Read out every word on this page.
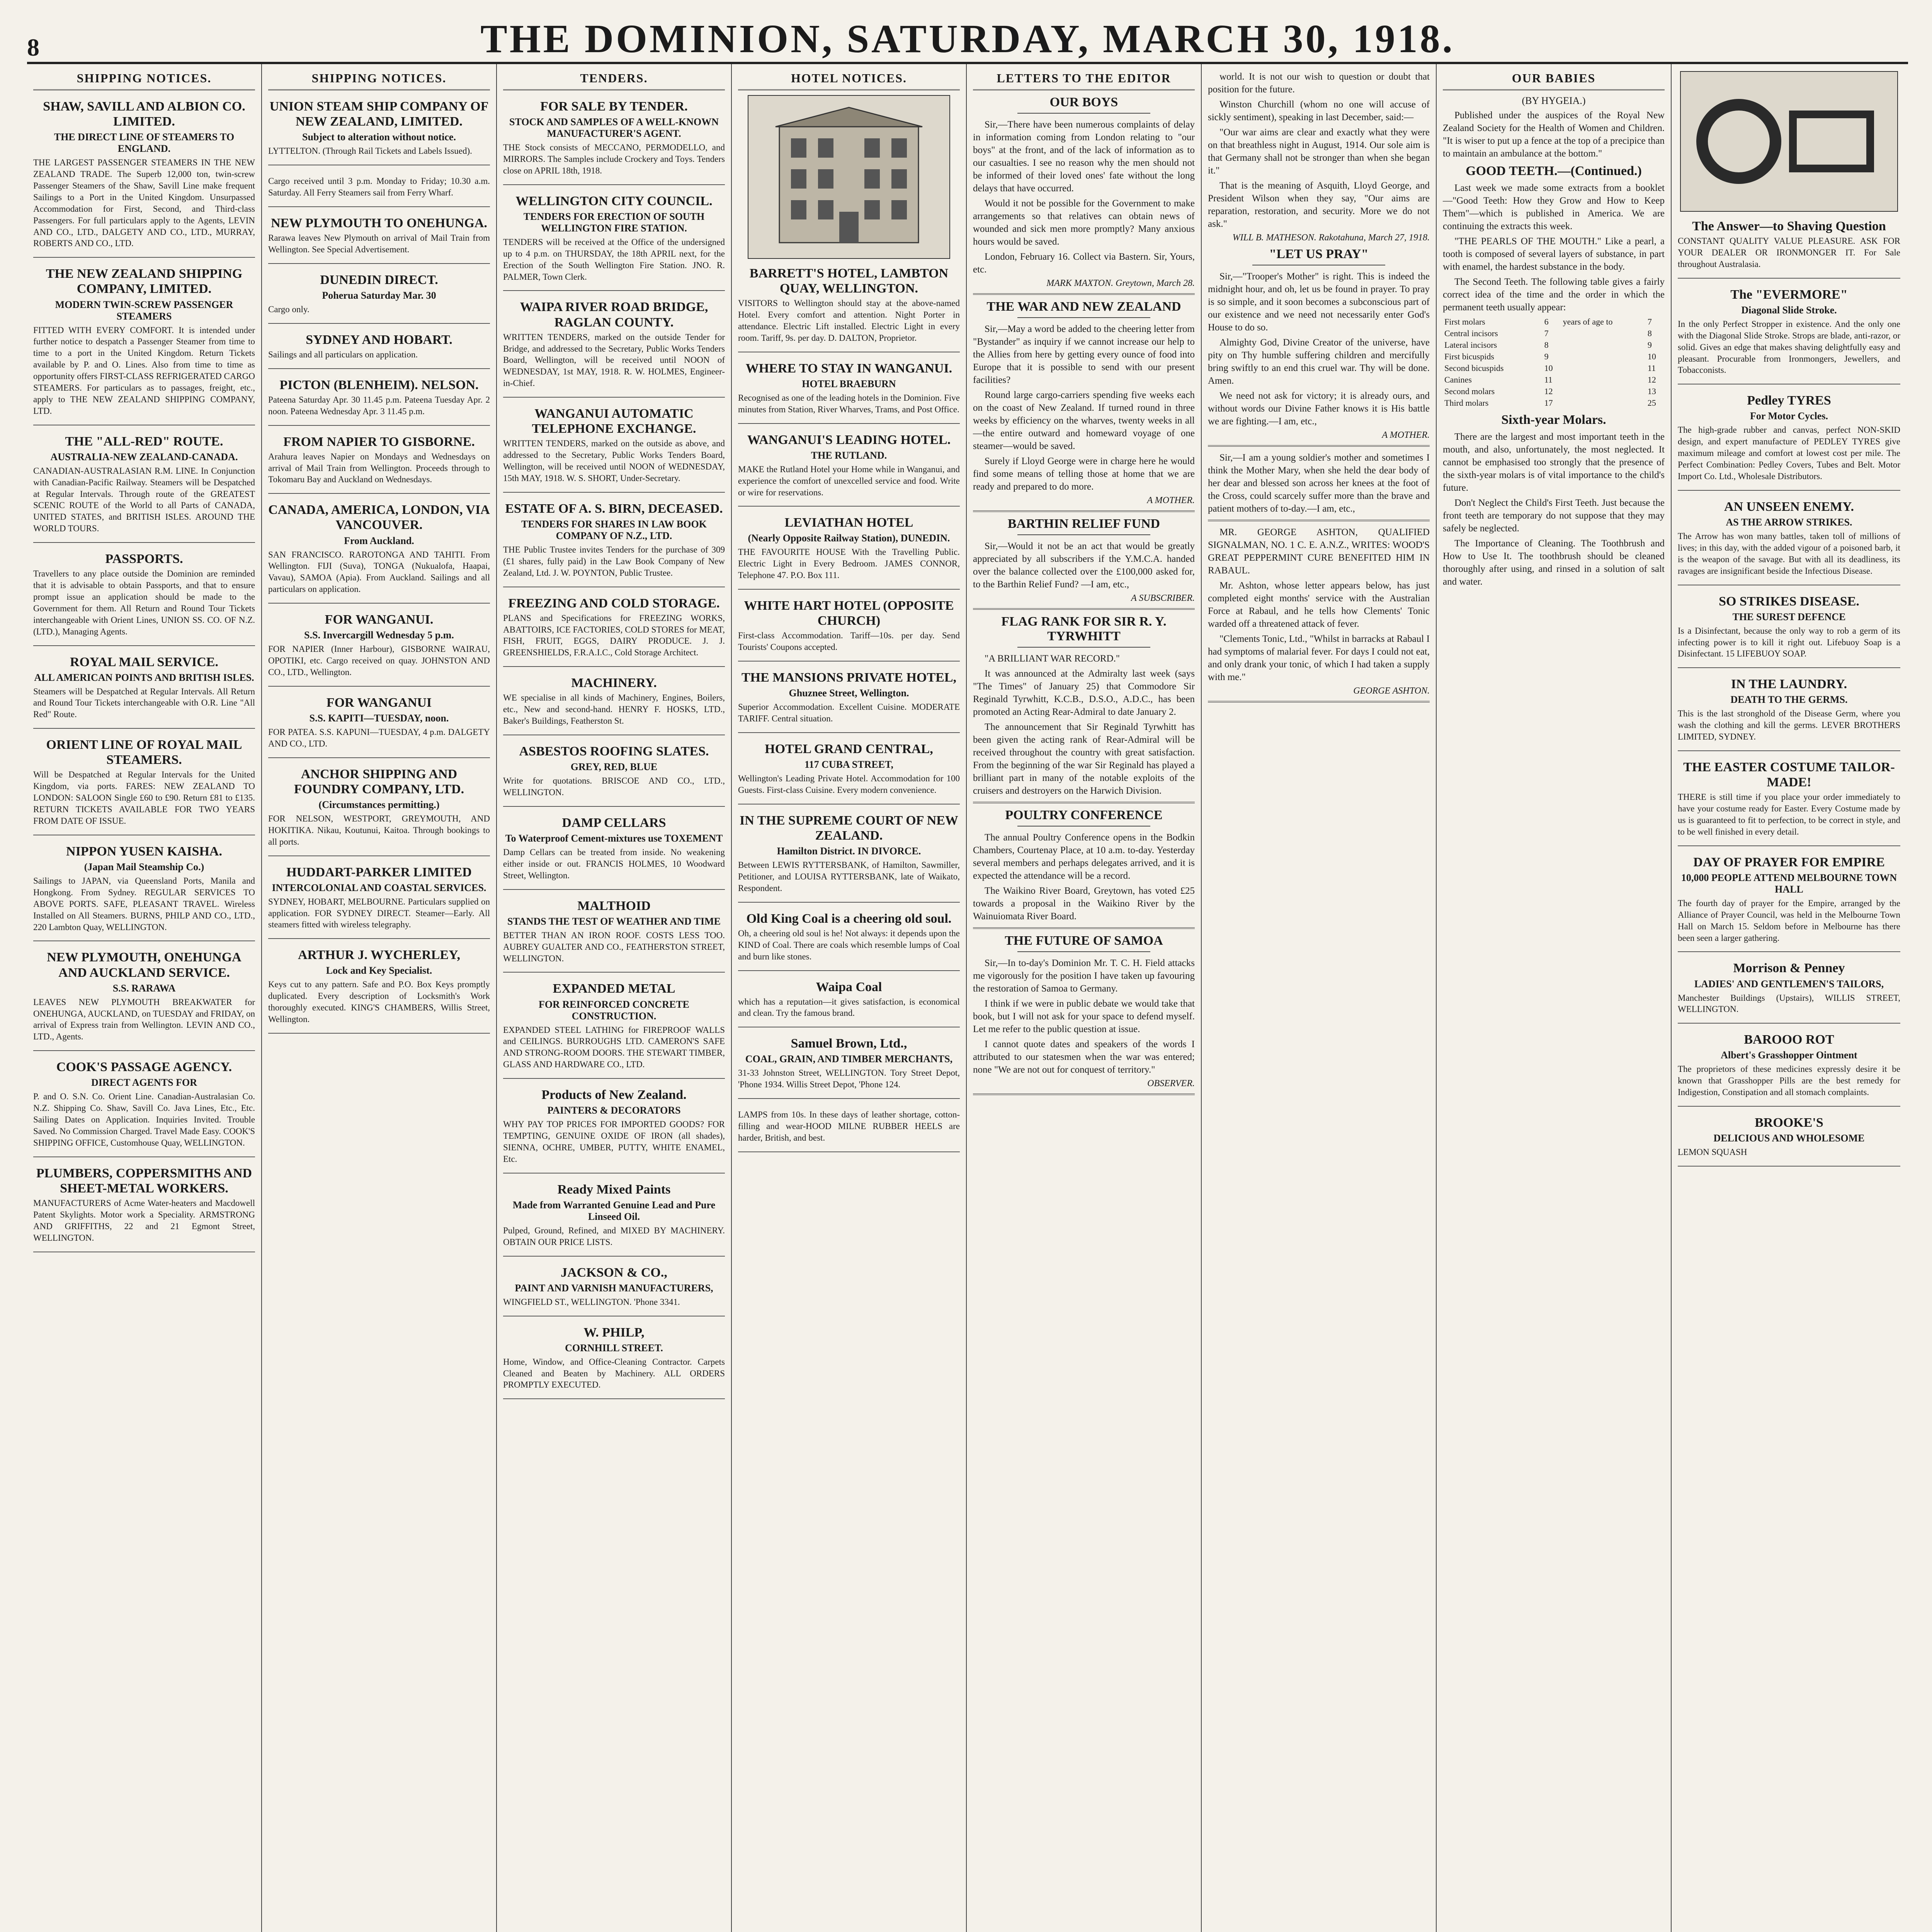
8	THE DOMINION, SATURDAY, MARCH 30, 1918.
SHIPPING NOTICES.
SHAW, SAVILL AND ALBION CO. LIMITED.
THE DIRECT LINE OF STEAMERS TO ENGLAND.
THE LARGEST PASSENGER STEAMERS IN THE NEW ZEALAND TRADE. The Superb 12,000 ton, twin-screw Passenger Steamers of the Shaw, Savill Line make frequent Sailings to a Port in the United Kingdom. Unsurpassed Accommodation for First, Second, and Third-class Passengers. For full particulars apply to the Agents, LEVIN AND CO., LTD., DALGETY AND CO., LTD., MURRAY, ROBERTS AND CO., LTD.
THE NEW ZEALAND SHIPPING COMPANY, LIMITED.
MODERN TWIN-SCREW PASSENGER STEAMERS
FITTED WITH EVERY COMFORT. It is intended under further notice to despatch a Passenger Steamer from time to time to a port in the United Kingdom. Return Tickets available by P. and O. Lines. Also from time to time as opportunity offers FIRST-CLASS REFRIGERATED CARGO STEAMERS. For particulars as to passages, freight, etc., apply to THE NEW ZEALAND SHIPPING COMPANY, LTD.
THE "ALL-RED" ROUTE.
AUSTRALIA-NEW ZEALAND-CANADA.
CANADIAN-AUSTRALASIAN R.M. LINE. In Conjunction with Canadian-Pacific Railway. Steamers will be Despatched at Regular Intervals. Through route of the GREATEST SCENIC ROUTE of the World to all Parts of CANADA, UNITED STATES, and BRITISH ISLES. AROUND THE WORLD TOURS.
PASSPORTS.
Travellers to any place outside the Dominion are reminded that it is advisable to obtain Passports, and that to ensure prompt issue an application should be made to the Government for them. All Return and Round Tour Tickets interchangeable with Orient Lines, UNION SS. CO. OF N.Z. (LTD.), Managing Agents.
ROYAL MAIL SERVICE.
ALL AMERICAN POINTS AND BRITISH ISLES.
Steamers will be Despatched at Regular Intervals. All Return and Round Tour Tickets interchangeable with O.R. Line "All Red" Route.
ORIENT LINE OF ROYAL MAIL STEAMERS.
Will be Despatched at Regular Intervals for the United Kingdom, via ports. FARES: NEW ZEALAND TO LONDON: SALOON Single £60 to £90. Return £81 to £135. RETURN TICKETS AVAILABLE FOR TWO YEARS FROM DATE OF ISSUE.
NIPPON YUSEN KAISHA.
(Japan Mail Steamship Co.)
Sailings to JAPAN, via Queensland Ports, Manila and Hongkong. From Sydney. REGULAR SERVICES TO ABOVE PORTS. SAFE, PLEASANT TRAVEL. Wireless Installed on All Steamers. BURNS, PHILP AND CO., LTD., 220 Lambton Quay, WELLINGTON.
NEW PLYMOUTH, ONEHUNGA AND AUCKLAND SERVICE.
S.S. RARAWA
LEAVES NEW PLYMOUTH BREAKWATER for ONEHUNGA, AUCKLAND, on TUESDAY and FRIDAY, on arrival of Express train from Wellington. LEVIN AND CO., LTD., Agents.
COOK'S PASSAGE AGENCY.
DIRECT AGENTS FOR
P. and O. S.N. Co. Orient Line. Canadian-Australasian Co. N.Z. Shipping Co. Shaw, Savill Co. Java Lines, Etc., Etc. Sailing Dates on Application. Inquiries Invited. Trouble Saved. No Commission Charged. Travel Made Easy. COOK'S SHIPPING OFFICE, Customhouse Quay, WELLINGTON.
PLUMBERS, COPPERSMITHS AND SHEET-METAL WORKERS.
MANUFACTURERS of Acme Water-heaters and Macdowell Patent Skylights. Motor work a Speciality. ARMSTRONG AND GRIFFITHS, 22 and 21 Egmont Street, WELLINGTON.
SHIPPING NOTICES.
UNION STEAM SHIP COMPANY OF NEW ZEALAND, LIMITED.
Subject to alteration without notice.
LYTTELTON. (Through Rail Tickets and Labels Issued).
Cargo received until 3 p.m. Monday to Friday; 10.30 a.m. Saturday. All Ferry Steamers sail from Ferry Wharf.
NEW PLYMOUTH TO ONEHUNGA.
Rarawa leaves New Plymouth on arrival of Mail Train from Wellington. See Special Advertisement.
DUNEDIN DIRECT.
Poherua Saturday Mar. 30
Cargo only.
SYDNEY AND HOBART.
Sailings and all particulars on application.
PICTON (BLENHEIM). NELSON.
Pateena Saturday Apr. 30 11.45 p.m. Pateena Tuesday Apr. 2 noon. Pateena Wednesday Apr. 3 11.45 p.m.
FROM NAPIER TO GISBORNE.
Arahura leaves Napier on Mondays and Wednesdays on arrival of Mail Train from Wellington. Proceeds through to Tokomaru Bay and Auckland on Wednesdays.
CANADA, AMERICA, LONDON, VIA VANCOUVER.
From Auckland.
SAN FRANCISCO. RAROTONGA AND TAHITI. From Wellington. FIJI (Suva), TONGA (Nukualofa, Haapai, Vavau), SAMOA (Apia). From Auckland. Sailings and all particulars on application.
FOR WANGANUI.
S.S. Invercargill Wednesday 5 p.m.
FOR NAPIER (Inner Harbour), GISBORNE WAIRAU, OPOTIKI, etc. Cargo received on quay. JOHNSTON AND CO., LTD., Wellington.
FOR WANGANUI
S.S. KAPITI—TUESDAY, noon.
FOR PATEA. S.S. KAPUNI—TUESDAY, 4 p.m. DALGETY AND CO., LTD.
ANCHOR SHIPPING AND FOUNDRY COMPANY, LTD.
(Circumstances permitting.)
FOR NELSON, WESTPORT, GREYMOUTH, AND HOKITIKA. Nikau, Koutunui, Kaitoa. Through bookings to all ports.
HUDDART-PARKER LIMITED
INTERCOLONIAL AND COASTAL SERVICES.
SYDNEY, HOBART, MELBOURNE. Particulars supplied on application. FOR SYDNEY DIRECT. Steamer—Early. All steamers fitted with wireless telegraphy.
ARTHUR J. WYCHERLEY,
Lock and Key Specialist.
Keys cut to any pattern. Safe and P.O. Box Keys promptly duplicated. Every description of Locksmith's Work thoroughly executed. KING'S CHAMBERS, Willis Street, Wellington.
TENDERS.
FOR SALE BY TENDER.
STOCK AND SAMPLES OF A WELL-KNOWN MANUFACTURER'S AGENT.
THE Stock consists of MECCANO, PERMODELLO, and MIRRORS. The Samples include Crockery and Toys. Tenders close on APRIL 18th, 1918.
WELLINGTON CITY COUNCIL.
TENDERS FOR ERECTION OF SOUTH WELLINGTON FIRE STATION.
TENDERS will be received at the Office of the undersigned up to 4 p.m. on THURSDAY, the 18th APRIL next, for the Erection of the South Wellington Fire Station. JNO. R. PALMER, Town Clerk.
WAIPA RIVER ROAD BRIDGE, RAGLAN COUNTY.
WRITTEN TENDERS, marked on the outside Tender for Bridge, and addressed to the Secretary, Public Works Tenders Board, Wellington, will be received until NOON of WEDNESDAY, 1st MAY, 1918. R. W. HOLMES, Engineer-in-Chief.
WANGANUI AUTOMATIC TELEPHONE EXCHANGE.
WRITTEN TENDERS, marked on the outside as above, and addressed to the Secretary, Public Works Tenders Board, Wellington, will be received until NOON of WEDNESDAY, 15th MAY, 1918. W. S. SHORT, Under-Secretary.
ESTATE OF A. S. BIRN, DECEASED.
TENDERS FOR SHARES IN LAW BOOK COMPANY OF N.Z., LTD.
THE Public Trustee invites Tenders for the purchase of 309 (£1 shares, fully paid) in the Law Book Company of New Zealand, Ltd. J. W. POYNTON, Public Trustee.
FREEZING AND COLD STORAGE.
PLANS and Specifications for FREEZING WORKS, ABATTOIRS, ICE FACTORIES, COLD STORES for MEAT, FISH, FRUIT, EGGS, DAIRY PRODUCE. J. J. GREENSHIELDS, F.R.A.I.C., Cold Storage Architect.
MACHINERY.
WE specialise in all kinds of Machinery, Engines, Boilers, etc., New and second-hand. HENRY F. HOSKS, LTD., Baker's Buildings, Featherston St.
ASBESTOS ROOFING SLATES.
GREY, RED, BLUE
Write for quotations. BRISCOE AND CO., LTD., WELLINGTON.
DAMP CELLARS
To Waterproof Cement-mixtures use TOXEMENT
Damp Cellars can be treated from inside. No weakening either inside or out. FRANCIS HOLMES, 10 Woodward Street, Wellington.
MALTHOID
STANDS THE TEST OF WEATHER AND TIME
BETTER THAN AN IRON ROOF. COSTS LESS TOO. AUBREY GUALTER AND CO., FEATHERSTON STREET, WELLINGTON.
EXPANDED METAL
FOR REINFORCED CONCRETE CONSTRUCTION.
EXPANDED STEEL LATHING for FIREPROOF WALLS and CEILINGS. BURROUGHS LTD. CAMERON'S SAFE AND STRONG-ROOM DOORS. THE STEWART TIMBER, GLASS AND HARDWARE CO., LTD.
Products of New Zealand.
PAINTERS & DECORATORS
WHY PAY TOP PRICES FOR IMPORTED GOODS? FOR TEMPTING, GENUINE OXIDE OF IRON (all shades), SIENNA, OCHRE, UMBER, PUTTY, WHITE ENAMEL, Etc.
Ready Mixed Paints
Made from Warranted Genuine Lead and Pure Linseed Oil.
Pulped, Ground, Refined, and MIXED BY MACHINERY. OBTAIN OUR PRICE LISTS.
JACKSON & CO.,
PAINT AND VARNISH MANUFACTURERS,
WINGFIELD ST., WELLINGTON. 'Phone 3341.
W. PHILP,
CORNHILL STREET.
Home, Window, and Office-Cleaning Contractor. Carpets Cleaned and Beaten by Machinery. ALL ORDERS PROMPTLY EXECUTED.
HOTEL NOTICES.
BARRETT'S HOTEL, LAMBTON QUAY, WELLINGTON.
VISITORS to Wellington should stay at the above-named Hotel. Every comfort and attention. Night Porter in attendance. Electric Lift installed. Electric Light in every room. Tariff, 9s. per day. D. DALTON, Proprietor.
WHERE TO STAY IN WANGANUI.
HOTEL BRAEBURN
Recognised as one of the leading hotels in the Dominion. Five minutes from Station, River Wharves, Trams, and Post Office.
WANGANUI'S LEADING HOTEL.
THE RUTLAND.
MAKE the Rutland Hotel your Home while in Wanganui, and experience the comfort of unexcelled service and food. Write or wire for reservations.
LEVIATHAN HOTEL
(Nearly Opposite Railway Station), DUNEDIN.
THE FAVOURITE HOUSE With the Travelling Public. Electric Light in Every Bedroom. JAMES CONNOR, Telephone 47. P.O. Box 111.
WHITE HART HOTEL (OPPOSITE CHURCH)
First-class Accommodation. Tariff—10s. per day. Send Tourists' Coupons accepted.
THE MANSIONS PRIVATE HOTEL,
Ghuznee Street, Wellington.
Superior Accommodation. Excellent Cuisine. MODERATE TARIFF. Central situation.
HOTEL GRAND CENTRAL,
117 CUBA STREET,
Wellington's Leading Private Hotel. Accommodation for 100 Guests. First-class Cuisine. Every modern convenience.
IN THE SUPREME COURT OF NEW ZEALAND.
Hamilton District. IN DIVORCE.
Between LEWIS RYTTERSBANK, of Hamilton, Sawmiller, Petitioner, and LOUISA RYTTERSBANK, late of Waikato, Respondent.
Old King Coal is a cheering old soul.
Oh, a cheering old soul is he! Not always: it depends upon the KIND of Coal. There are coals which resemble lumps of Coal and burn like stones.
Waipa Coal
which has a reputation—it gives satisfaction, is economical and clean. Try the famous brand.
Samuel Brown, Ltd.,
COAL, GRAIN, AND TIMBER MERCHANTS,
31-33 Johnston Street, WELLINGTON. Tory Street Depot, 'Phone 1934. Willis Street Depot, 'Phone 124.
LAMPS from 10s. In these days of leather shortage, cotton-filling and wear-HOOD MILNE RUBBER HEELS are harder, British, and best.
LETTERS TO THE EDITOR
OUR BOYS

Sir,—There have been numerous complaints of delay in information coming from London relating to "our boys" at the front, and of the lack of information as to our casualties. I see no reason why the men should not be informed of their loved ones' fate without the long delays that have occurred.

Would it not be possible for the Government to make arrangements so that relatives can obtain news of wounded and sick men more promptly? Many anxious hours would be saved.

London, February 16. Collect via Bastern. Sir, Yours, etc.

MARK MAXTON. Greytown, March 28.
THE WAR AND NEW ZEALAND

Sir,—May a word be added to the cheering letter from "Bystander" as inquiry if we cannot increase our help to the Allies from here by getting every ounce of food into Europe that it is possible to send with our present facilities?

Round large cargo-carriers spending five weeks each on the coast of New Zealand. If turned round in three weeks by efficiency on the wharves, twenty weeks in all—the entire outward and homeward voyage of one steamer—would be saved.

Surely if Lloyd George were in charge here he would find some means of telling those at home that we are ready and prepared to do more.

A MOTHER.
BARTHIN RELIEF FUND

Sir,—Would it not be an act that would be greatly appreciated by all subscribers if the Y.M.C.A. handed over the balance collected over the £100,000 asked for, to the Barthin Relief Fund? —I am, etc.,

A SUBSCRIBER.
FLAG RANK FOR SIR R. Y. TYRWHITT

"A BRILLIANT WAR RECORD."

It was announced at the Admiralty last week (says "The Times" of January 25) that Commodore Sir Reginald Tyrwhitt, K.C.B., D.S.O., A.D.C., has been promoted an Acting Rear-Admiral to date January 2.

The announcement that Sir Reginald Tyrwhitt has been given the acting rank of Rear-Admiral will be received throughout the country with great satisfaction. From the beginning of the war Sir Reginald has played a brilliant part in many of the notable exploits of the cruisers and destroyers on the Harwich Division.

POULTRY CONFERENCE

The annual Poultry Conference opens in the Bodkin Chambers, Courtenay Place, at 10 a.m. to-day. Yesterday several members and perhaps delegates arrived, and it is expected the attendance will be a record.

The Waikino River Board, Greytown, has voted £25 towards a proposal in the Waikino River by the Wainuiomata River Board.

THE FUTURE OF SAMOA

Sir,—In to-day's Dominion Mr. T. C. H. Field attacks me vigorously for the position I have taken up favouring the restoration of Samoa to Germany.

I think if we were in public debate we would take that book, but I will not ask for your space to defend myself. Let me refer to the public question at issue.

I cannot quote dates and speakers of the words I attributed to our statesmen when the war was entered; none "We are not out for conquest of territory."

OBSERVER.

world. It is not our wish to question or doubt that position for the future.

Winston Churchill (whom no one will accuse of sickly sentiment), speaking in last December, said:—

"Our war aims are clear and exactly what they were on that breathless night in August, 1914. Our sole aim is that Germany shall not be stronger than when she began it."

That is the meaning of Asquith, Lloyd George, and President Wilson when they say, "Our aims are reparation, restoration, and security. More we do not ask."

WILL B. MATHESON. Rakotahuna, March 27, 1918.
"LET US PRAY"

Sir,—"Trooper's Mother" is right. This is indeed the midnight hour, and oh, let us be found in prayer. To pray is so simple, and it soon becomes a subconscious part of our existence and we need not necessarily enter God's House to do so.

Almighty God, Divine Creator of the universe, have pity on Thy humble suffering children and mercifully bring swiftly to an end this cruel war. Thy will be done. Amen.

We need not ask for victory; it is already ours, and without words our Divine Father knows it is His battle we are fighting.—I am, etc.,

A MOTHER.

Sir,—I am a young soldier's mother and sometimes I think the Mother Mary, when she held the dear body of her dear and blessed son across her knees at the foot of the Cross, could scarcely suffer more than the brave and patient mothers of to-day.—I am, etc.,

MR. GEORGE ASHTON, QUALIFIED SIGNALMAN, NO. 1 C. E. A.N.Z., WRITES: WOOD'S GREAT PEPPERMINT CURE BENEFITED HIM IN RABAUL.

Mr. Ashton, whose letter appears below, has just completed eight months' service with the Australian Force at Rabaul, and he tells how Clements' Tonic warded off a threatened attack of fever.

"Clements Tonic, Ltd., "Whilst in barracks at Rabaul I had symptoms of malarial fever. For days I could not eat, and only drank your tonic, of which I had taken a supply with me."

GEORGE ASHTON.
OUR BABIES
(BY HYGEIA.)

Published under the auspices of the Royal New Zealand Society for the Health of Women and Children. "It is wiser to put up a fence at the top of a precipice than to maintain an ambulance at the bottom."

GOOD TEETH.—(Continued.)

Last week we made some extracts from a booklet—"Good Teeth: How they Grow and How to Keep Them"—which is published in America. We are continuing the extracts this week.

"THE PEARLS OF THE MOUTH." Like a pearl, a tooth is composed of several layers of substance, in part with enamel, the hardest substance in the body.

The Second Teeth. The following table gives a fairly correct idea of the time and the order in which the permanent teeth usually appear:

First molars	6	years of age to	7
Central incisors	7		8
Lateral incisors	8		9
First bicuspids	9		10
Second bicuspids	10		11
Canines	11		12
Second molars	12		13
Third molars	17		25
Sixth-year Molars.

There are the largest and most important teeth in the mouth, and also, unfortunately, the most neglected. It cannot be emphasised too strongly that the presence of the sixth-year molars is of vital importance to the child's future.

Don't Neglect the Child's First Teeth. Just because the front teeth are temporary do not suppose that they may safely be neglected.

The Importance of Cleaning. The Toothbrush and How to Use It. The toothbrush should be cleaned thoroughly after using, and rinsed in a solution of salt and water.

The Answer—to Shaving Question
CONSTANT QUALITY VALUE PLEASURE. ASK FOR YOUR DEALER OR IRONMONGER IT. For Sale throughout Australasia.
The "EVERMORE"
Diagonal Slide Stroke.
In the only Perfect Stropper in existence. And the only one with the Diagonal Slide Stroke. Strops are blade, anti-razor, or solid. Gives an edge that makes shaving delightfully easy and pleasant. Procurable from Ironmongers, Jewellers, and Tobacconists.
Pedley TYRES
For Motor Cycles.
The high-grade rubber and canvas, perfect NON-SKID design, and expert manufacture of PEDLEY TYRES give maximum mileage and comfort at lowest cost per mile. The Perfect Combination: Pedley Covers, Tubes and Belt. Motor Import Co. Ltd., Wholesale Distributors.
AN UNSEEN ENEMY.
AS THE ARROW STRIKES.
The Arrow has won many battles, taken toll of millions of lives; in this day, with the added vigour of a poisoned barb, it is the weapon of the savage. But with all its deadliness, its ravages are insignificant beside the Infectious Disease.
SO STRIKES DISEASE.
THE SUREST DEFENCE
Is a Disinfectant, because the only way to rob a germ of its infecting power is to kill it right out. Lifebuoy Soap is a Disinfectant. 15 LIFEBUOY SOAP.
IN THE LAUNDRY.
DEATH TO THE GERMS.
This is the last stronghold of the Disease Germ, where you wash the clothing and kill the germs. LEVER BROTHERS LIMITED, SYDNEY.
THE EASTER COSTUME TAILOR-MADE!
THERE is still time if you place your order immediately to have your costume ready for Easter. Every Costume made by us is guaranteed to fit to perfection, to be correct in style, and to be well finished in every detail.
DAY OF PRAYER FOR EMPIRE
10,000 PEOPLE ATTEND MELBOURNE TOWN HALL
The fourth day of prayer for the Empire, arranged by the Alliance of Prayer Council, was held in the Melbourne Town Hall on March 15. Seldom before in Melbourne has there been seen a larger gathering.
Morrison & Penney
LADIES' AND GENTLEMEN'S TAILORS,
Manchester Buildings (Upstairs), WILLIS STREET, WELLINGTON.
BAROOO ROT
Albert's Grasshopper Ointment
The proprietors of these medicines expressly desire it be known that Grasshopper Pills are the best remedy for Indigestion, Constipation and all stomach complaints.
BROOKE'S
DELICIOUS AND WHOLESOME
LEMON SQUASH
